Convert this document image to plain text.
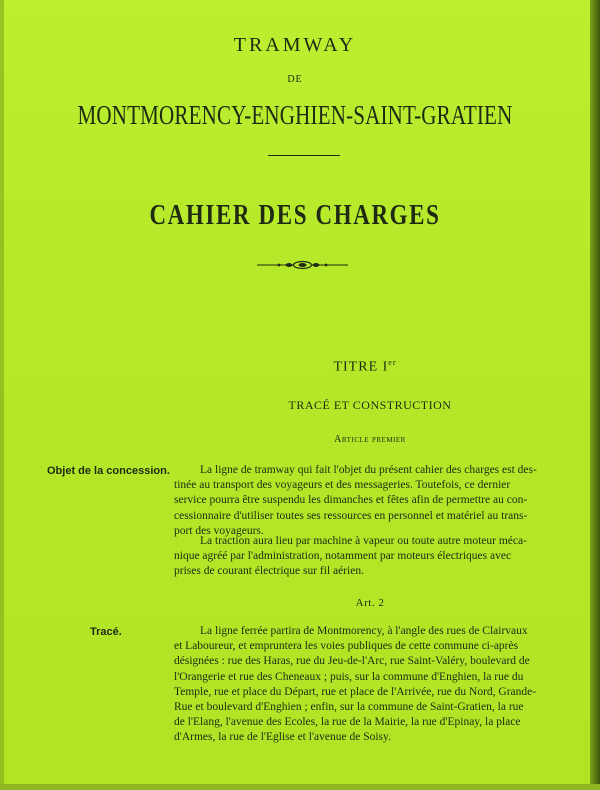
TRAMWAY
DE
MONTMORENCY-ENGHIEN-SAINT-GRATIEN
CAHIER DES CHARGES
TITRE Ier
TRACÉ ET CONSTRUCTION
Article premier
Objet de la concession.	La ligne de tramway qui fait l'objet du présent cahier des charges est des-
tinée au transport des voyageurs et des messageries. Toutefois, ce dernier
service pourra être suspendu les dimanches et fêtes afin de permettre au con-
cessionnaire d'utiliser toutes ses ressources en personnel et matériel au trans-
port des voyageurs.
La traction aura lieu par machine à vapeur ou toute autre moteur méca-
nique agréé par l'administration, notamment par moteurs électriques avec
prises de courant électrique sur fil aérien.
Art. 2
Tracé.	La ligne ferrée partira de Montmorency, à l'angle des rues de Clairvaux
et Laboureur, et emprunterа les voies publiques de cette commune ci-après
désignées : rue des Haras, rue du Jeu-de-l'Arc, rue Saint-Valéry, boulevard de
l'Orangerie et rue des Cheneaux ; puis, sur la commune d'Enghien, la rue du
Temple, rue et place du Départ, rue et place de l'Arrivée, rue du Nord, Grande-
Rue et boulevard d'Enghien ; enfin, sur la commune de Saint-Gratien, la rue
de l'Elang, l'avenue des Ecoles, la rue de la Mairie, la rue d'Epinay, la place
d'Armes, la rue de l'Eglise et l'avenue de Soisy.
